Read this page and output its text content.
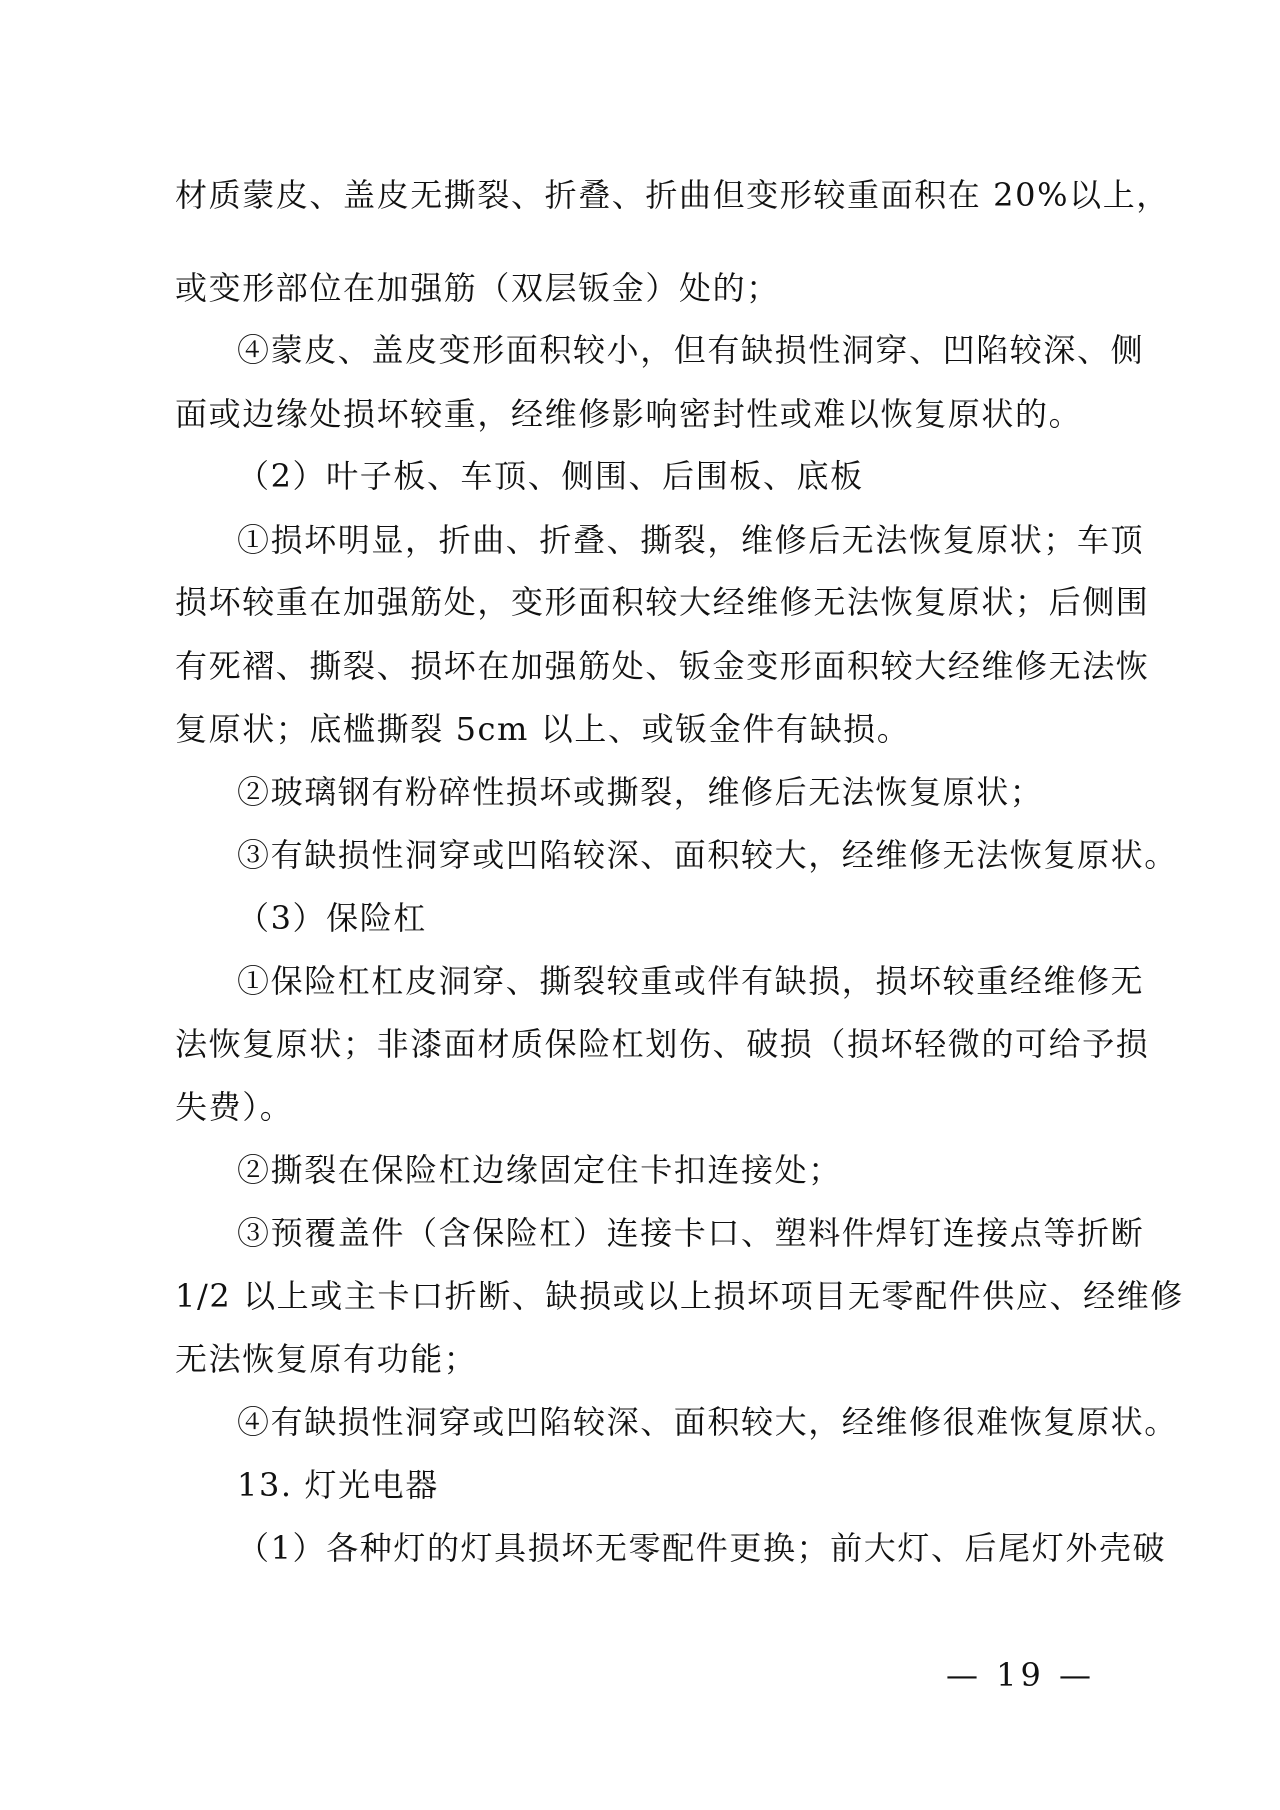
材质蒙皮、盖皮无撕裂、折叠、折曲但变形较重面积在 20%以上，
或变形部位在加强筋（双层钣金）处的；
④蒙皮、盖皮变形面积较小，但有缺损性洞穿、凹陷较深、侧
面或边缘处损坏较重，经维修影响密封性或难以恢复原状的。
（2）叶子板、车顶、侧围、后围板、底板
①损坏明显，折曲、折叠、撕裂，维修后无法恢复原状；车顶
损坏较重在加强筋处，变形面积较大经维修无法恢复原状；后侧围
有死褶、撕裂、损坏在加强筋处、钣金变形面积较大经维修无法恢
复原状；底槛撕裂 5cm 以上、或钣金件有缺损。
②玻璃钢有粉碎性损坏或撕裂，维修后无法恢复原状；
③有缺损性洞穿或凹陷较深、面积较大，经维修无法恢复原状。
（3）保险杠
①保险杠杠皮洞穿、撕裂较重或伴有缺损，损坏较重经维修无
法恢复原状；非漆面材质保险杠划伤、破损（损坏轻微的可给予损
失费）。
②撕裂在保险杠边缘固定住卡扣连接处；
③预覆盖件（含保险杠）连接卡口、塑料件焊钉连接点等折断
1/2 以上或主卡口折断、缺损或以上损坏项目无零配件供应、经维修
无法恢复原有功能；
④有缺损性洞穿或凹陷较深、面积较大，经维修很难恢复原状。
13. 灯光电器
（1）各种灯的灯具损坏无零配件更换；前大灯、后尾灯外壳破
— 19 —
